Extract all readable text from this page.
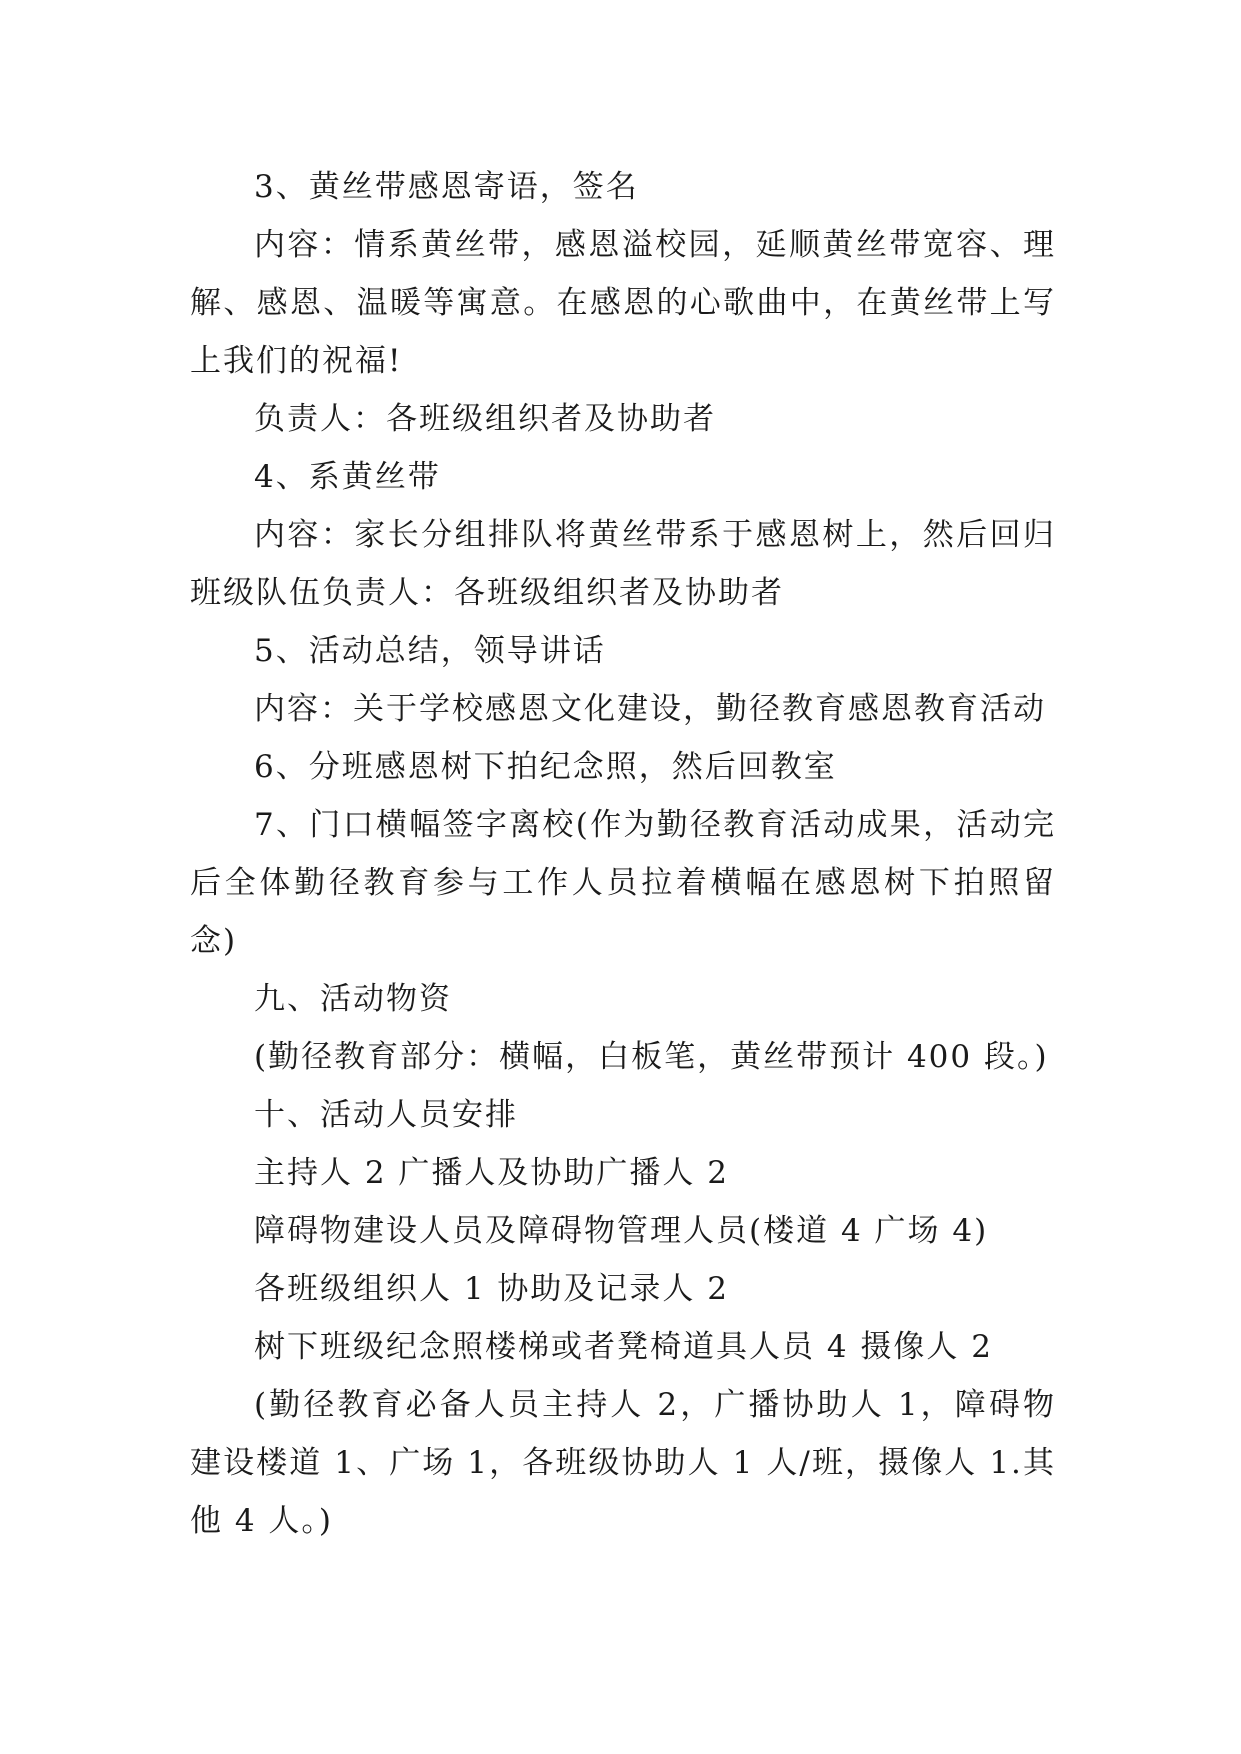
3、黄丝带感恩寄语，签名

内容：情系黄丝带，感恩溢校园，延顺黄丝带宽容、理解、感恩、温暖等寓意。在感恩的心歌曲中，在黄丝带上写上我们的祝福!

负责人：各班级组织者及协助者

4、系黄丝带

内容：家长分组排队将黄丝带系于感恩树上，然后回归班级队伍负责人：各班级组织者及协助者

5、活动总结，领导讲话

内容：关于学校感恩文化建设，勤径教育感恩教育活动

6、分班感恩树下拍纪念照，然后回教室

7、门口横幅签字离校(作为勤径教育活动成果，活动完后全体勤径教育参与工作人员拉着横幅在感恩树下拍照留念)

九、活动物资

(勤径教育部分：横幅，白板笔，黄丝带预计 400 段。)

十、活动人员安排

主持人 2 广播人及协助广播人 2

障碍物建设人员及障碍物管理人员(楼道 4 广场 4)

各班级组织人 1 协助及记录人 2

树下班级纪念照楼梯或者凳椅道具人员 4 摄像人 2

(勤径教育必备人员主持人 2，广播协助人 1，障碍物建设楼道 1、广场 1，各班级协助人 1 人/班，摄像人 1.其他 4 人。)
